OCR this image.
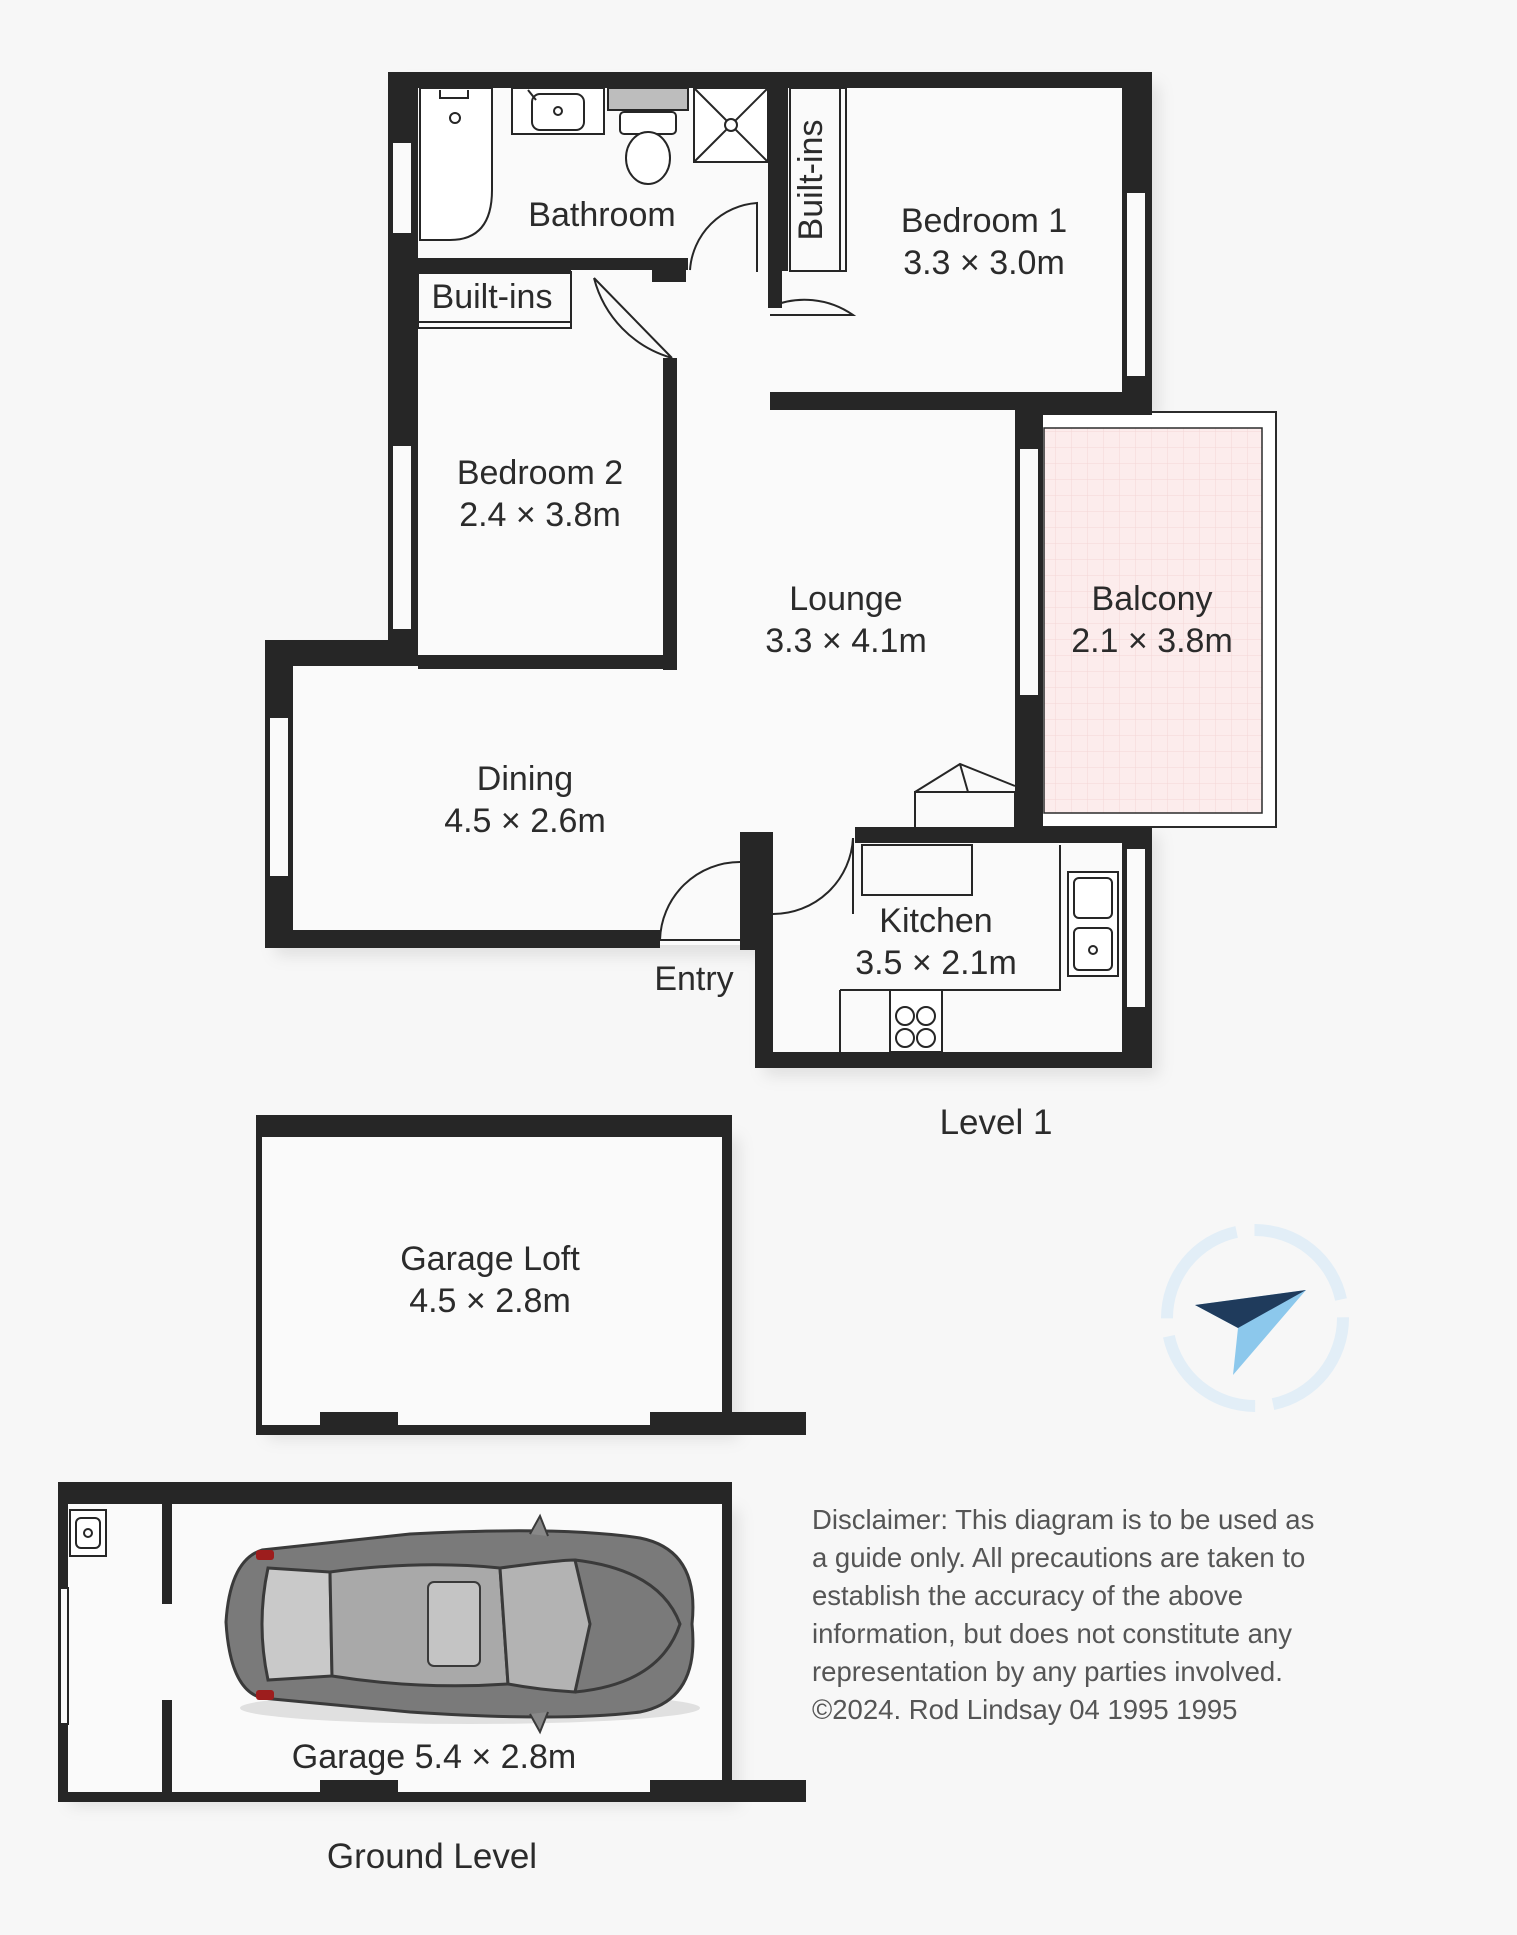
Bathroom
Built-ins
Built-ins Bedroom 1
3.3 × 3.0m
Bedroom 2
2.4 × 3.8m
Lounge
3.3 × 4.1m
Balcony
2.1 × 3.8m
Dining
4.5 × 2.6m
Kitchen
3.5 × 2.1m
Entry
Level 1
Garage Loft
4.5 × 2.8m
Garage 5.4 × 2.8m
Ground Level
Disclaimer: This diagram is to be used as
a guide only. All precautions are taken to
establish the accuracy of the above
information, but does not constitute any
representation by any parties involved.
©2024. Rod Lindsay 04 1995 1995
